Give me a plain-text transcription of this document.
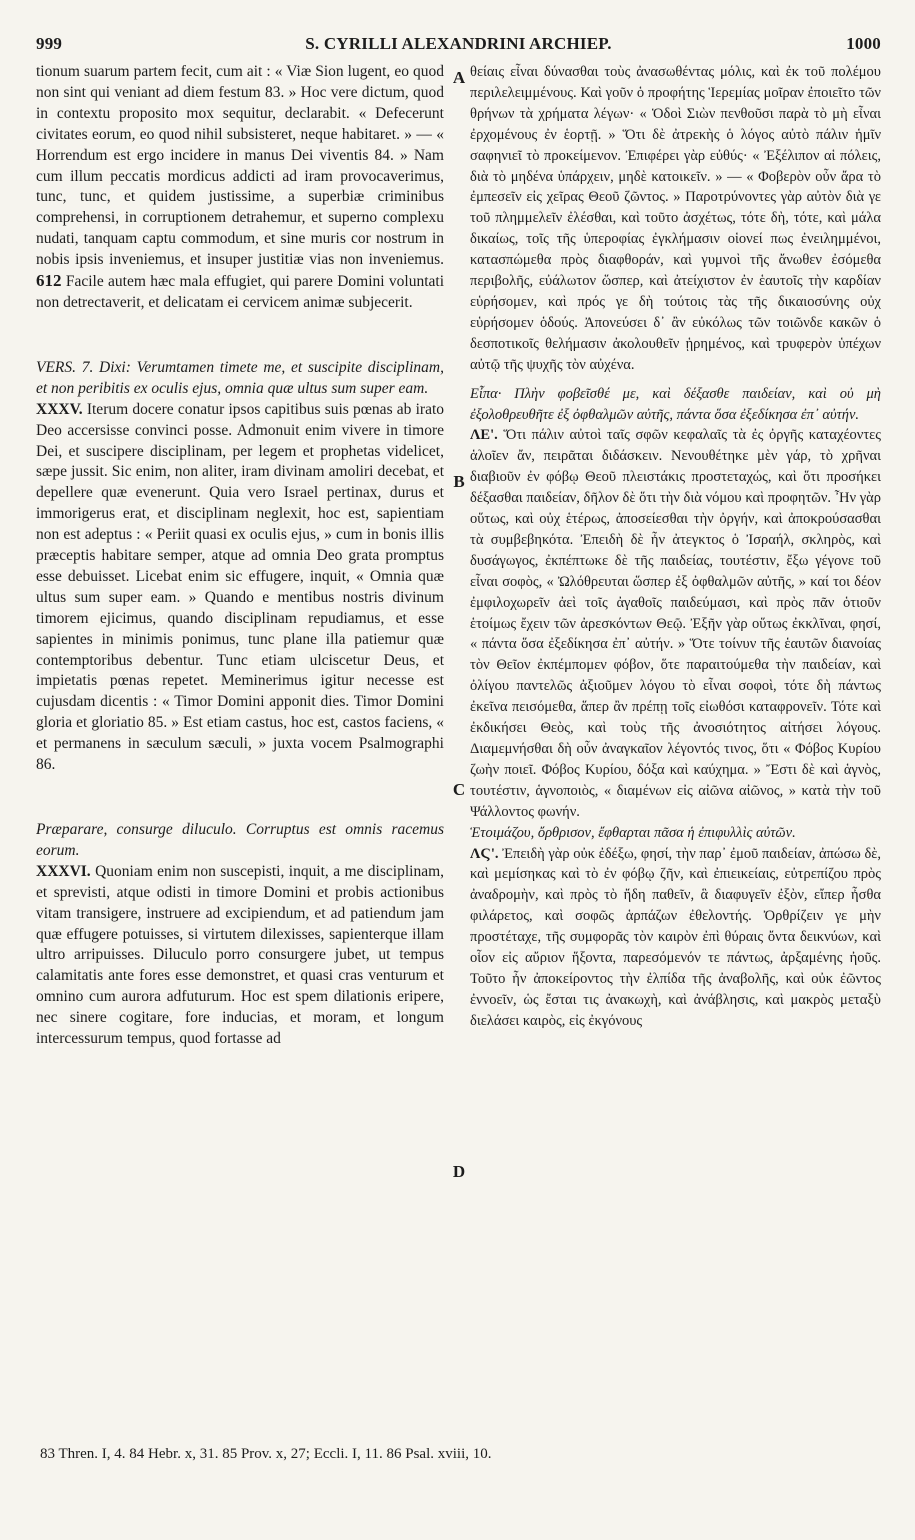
999	S. CYRILLI ALEXANDRINI ARCHIEP.	1000
A
B
C
D

tionum suarum partem fecit, cum ait : « Viæ Sion lugent, eo quod non sint qui veniant ad diem festum 83. » Hoc vere dictum, quod in contextu proposito mox sequitur, declarabit. « Defecerunt civitates eorum, eo quod nihil subsisteret, neque habitaret. » — « Horrendum est ergo incidere in manus Dei viventis 84. » Nam cum illum peccatis mordicus addicti ad iram provocaverimus, tunc, tunc, et quidem justissime, a superbiæ criminibus comprehensi, in corruptionem detrahemur, et superno complexu nudati, tanquam captu commodum, et sine muris cor nostrum in nobis ipsis inveniemus, et insuper justitiæ vias non inveniemus. 612 Facile autem hæc mala effugiet, qui parere Domini voluntati non detrectaverit, et delicatam ei cervicem animæ subjecerit.

VERS. 7. Dixi: Verumtamen timete me, et suscipite disciplinam, et non peribitis ex oculis ejus, omnia quæ ultus sum super eam.

XXXV. Iterum docere conatur ipsos capitibus suis pœnas ab irato Deo accersisse convinci posse. Admonuit enim vivere in timore Dei, et suscipere disciplinam, per legem et prophetas videlicet, sæpe jussit. Sic enim, non aliter, iram divinam amoliri decebat, et depellere quæ evenerunt. Quia vero Israel pertinax, durus et immorigerus erat, et disciplinam neglexit, hoc est, sapientiam non est adeptus : « Periit quasi ex oculis ejus, » cum in bonis illis præceptis habitare semper, atque ad omnia Deo grata promptus esse debuisset. Licebat enim sic effugere, inquit, « Omnia quæ ultus sum super eam. » Quando e mentibus nostris divinum timorem ejicimus, quando disciplinam repudiamus, et esse sapientes in minimis ponimus, tunc plane illa patiemur quæ contemptoribus debentur. Tunc etiam ulciscetur Deus, et impietatis pœnas repetet. Meminerimus igitur necesse est cujusdam dicentis : « Timor Domini apponit dies. Timor Domini gloria et gloriatio 85. » Est etiam castus, hoc est, castos faciens, « et permanens in sæculum sæculi, » juxta vocem Psalmographi 86.

Præparare, consurge diluculo. Corruptus est omnis racemus eorum.

XXXVI. Quoniam enim non suscepisti, inquit, a me disciplinam, et sprevisti, atque odisti in timore Domini et probis actionibus vitam transigere, instruere ad excipiendum, et ad patiendum jam quæ effugere potuisses, si virtutem dilexisses, sapienterque illam ultro arripuisses. Diluculo porro consurgere jubet, ut tempus calamitatis ante fores esse demonstret, et quasi cras venturum et omnino cum aurora adfuturum. Hoc est spem dilationis eripere, nec sinere cogitare, fore inducias, et moram, et longum intercessurum tempus, quod fortasse ad

θείαις εἶναι δύνασθαι τοὺς ἀνασωθέντας μόλις, καὶ ἐκ τοῦ πολέμου περιλελειμμένους. Καὶ γοῦν ὁ προφήτης Ἱερεμίας μοῖραν ἐποιεῖτο τῶν θρήνων τὰ χρήματα λέγων· « Ὁδοὶ Σιὼν πενθοῦσι παρὰ τὸ μὴ εἶναι ἐρχομένους ἐν ἑορτῇ. » Ὅτι δὲ ἀτρεκὴς ὁ λόγος αὐτὸ πάλιν ἡμῖν σαφηνιεῖ τὸ προκείμενον. Ἐπιφέρει γὰρ εὐθύς· « Ἐξέλιπον αἱ πόλεις, διὰ τὸ μηδένα ὑπάρχειν, μηδὲ κατοικεῖν. » — « Φοβερὸν οὖν ἄρα τὸ ἐμπεσεῖν εἰς χεῖρας Θεοῦ ζῶντος. » Παροτρύνοντες γὰρ αὐτὸν διὰ γε τοῦ πλημμελεῖν ἐλέσθαι, καὶ τοῦτο ἀσχέτως, τότε δὴ, τότε, καὶ μάλα δικαίως, τοῖς τῆς ὑπεροφίας ἐγκλήμασιν οἱονεί πως ἐνειλημμένοι, κατασπώμεθα πρὸς διαφθοράν, καὶ γυμνοὶ τῆς ἄνωθεν ἐσόμεθα περιβολῆς, εὐάλωτον ὥσπερ, καὶ ἀτείχιστον ἐν ἑαυτοῖς τὴν καρδίαν εὑρήσομεν, καὶ πρός γε δὴ τούτοις τὰς τῆς δικαιοσύνης οὐχ εὑρήσομεν ὁδούς. Ἀπονεύσει δ᾽ ἂν εὐκόλως τῶν τοιῶνδε κακῶν ὁ δεσποτικοῖς θελήμασιν ἀκολουθεῖν ᾑρημένος, καὶ τρυφερὸν ὑπέχων αὐτῷ τῆς ψυχῆς τὸν αὐχένα.

Εἶπα· Πλὴν φοβεῖσθέ με, καὶ δέξασθε παιδείαν, καὶ οὐ μὴ ἐξολοθρευθῆτε ἐξ ὀφθαλμῶν αὐτῆς, πάντα ὅσα ἐξεδίκησα ἐπ᾽ αὐτήν.

ΛΕ'. Ὅτι πάλιν αὐτοὶ ταῖς σφῶν κεφαλαῖς τὰ ἐς ὀργῆς καταχέοντες ἁλοῖεν ἄν, πειρᾶται διδάσκειν. Νενουθέτηκε μὲν γάρ, τὸ χρῆναι διαβιοῦν ἐν φόβῳ Θεοῦ πλειστάκις προστεταχώς, καὶ ὅτι προσήκει δέξασθαι παιδείαν, δῆλον δὲ ὅτι τὴν διὰ νόμου καὶ προφητῶν. Ἦν γὰρ οὕτως, καὶ οὐχ ἑτέρως, ἀποσείεσθαι τὴν ὀργήν, καὶ ἀποκρούσασθαι τὰ συμβεβηκότα. Ἐπειδὴ δὲ ἦν ἀτεγκτος ὁ Ἰσραήλ, σκληρὸς, καὶ δυσάγωγος, ἐκπέπτωκε δὲ τῆς παιδείας, τουτέστιν, ἔξω γέγονε τοῦ εἶναι σοφὸς, « Ὠλόθρευται ὥσπερ ἐξ ὀφθαλμῶν αὐτῆς, » καί τοι δέον ἐμφιλοχωρεῖν ἀεὶ τοῖς ἀγαθοῖς παιδεύμασι, καὶ πρὸς πᾶν ὁτιοῦν ἑτοίμως ἔχειν τῶν ἀρεσκόντων Θεῷ. Ἐξῆν γὰρ οὕτως ἐκκλῖναι, φησί, « πάντα ὅσα ἐξεδίκησα ἐπ᾽ αὐτήν. » Ὅτε τοίνυν τῆς ἑαυτῶν διανοίας τὸν Θεῖον ἐκπέμπομεν φόβον, ὅτε παραιτούμεθα τὴν παιδείαν, καὶ ὀλίγου παντελῶς ἀξιοῦμεν λόγου τὸ εἶναι σοφοὶ, τότε δὴ πάντως ἐκεῖνα πεισόμεθα, ἅπερ ἂν πρέπῃ τοῖς εἰωθόσι καταφρονεῖν. Τότε καὶ ἐκδικήσει Θεὸς, καὶ τοὺς τῆς ἀνοσιότητος αἰτήσει λόγους. Διαμεμνήσθαι δὴ οὖν ἀναγκαῖον λέγοντός τινος, ὅτι « Φόβος Κυρίου ζωὴν ποιεῖ. Φόβος Κυρίου, δόξα καὶ καύχημα. » Ἔστι δὲ καὶ ἁγνὸς, τουτέστιν, ἁγνοποιὸς, « διαμένων εἰς αἰῶνα αἰῶνος, » κατὰ τὴν τοῦ Ψάλλοντος φωνήν.

Ἑτοιμάζου, ὄρθρισον, ἔφθαρται πᾶσα ἡ ἐπιφυλλὶς αὐτῶν.

ΛϚ'. Ἐπειδὴ γὰρ οὐκ ἐδέξω, φησί, τὴν παρ᾽ ἐμοῦ παιδείαν, ἀπώσω δὲ, καὶ μεμίσηκας καὶ τὸ ἐν φόβῳ ζῆν, καὶ ἐπιεικείαις, εὐτρεπίζου πρὸς ἀναδρομὴν, καὶ πρὸς τὸ ἤδη παθεῖν, ἃ διαφυγεῖν ἐξὸν, εἴπερ ἦσθα φιλάρετος, καὶ σοφῶς ἁρπάζων ἐθελοντής. Ὀρθρίζειν γε μὴν προστέταχε, τῆς συμφορᾶς τὸν καιρὸν ἐπὶ θύραις ὄντα δεικνύων, καὶ οἷον εἰς αὔριον ἥξοντα, παρεσόμενόν τε πάντως, ἀρξαμένης ἠοῦς. Τοῦτο ἦν ἀποκείροντος τὴν ἐλπίδα τῆς ἀναβολῆς, καὶ οὐκ ἐῶντος ἐννοεῖν, ὡς ἔσται τις ἀνακωχὴ, καὶ ἀνάβλησις, καὶ μακρὸς μεταξὺ διελάσει καιρὸς, εἰς ἐκγόνους

83 Thren. I, 4. 84 Hebr. x, 31. 85 Prov. x, 27; Eccli. I, 11. 86 Psal. xviii, 10.
